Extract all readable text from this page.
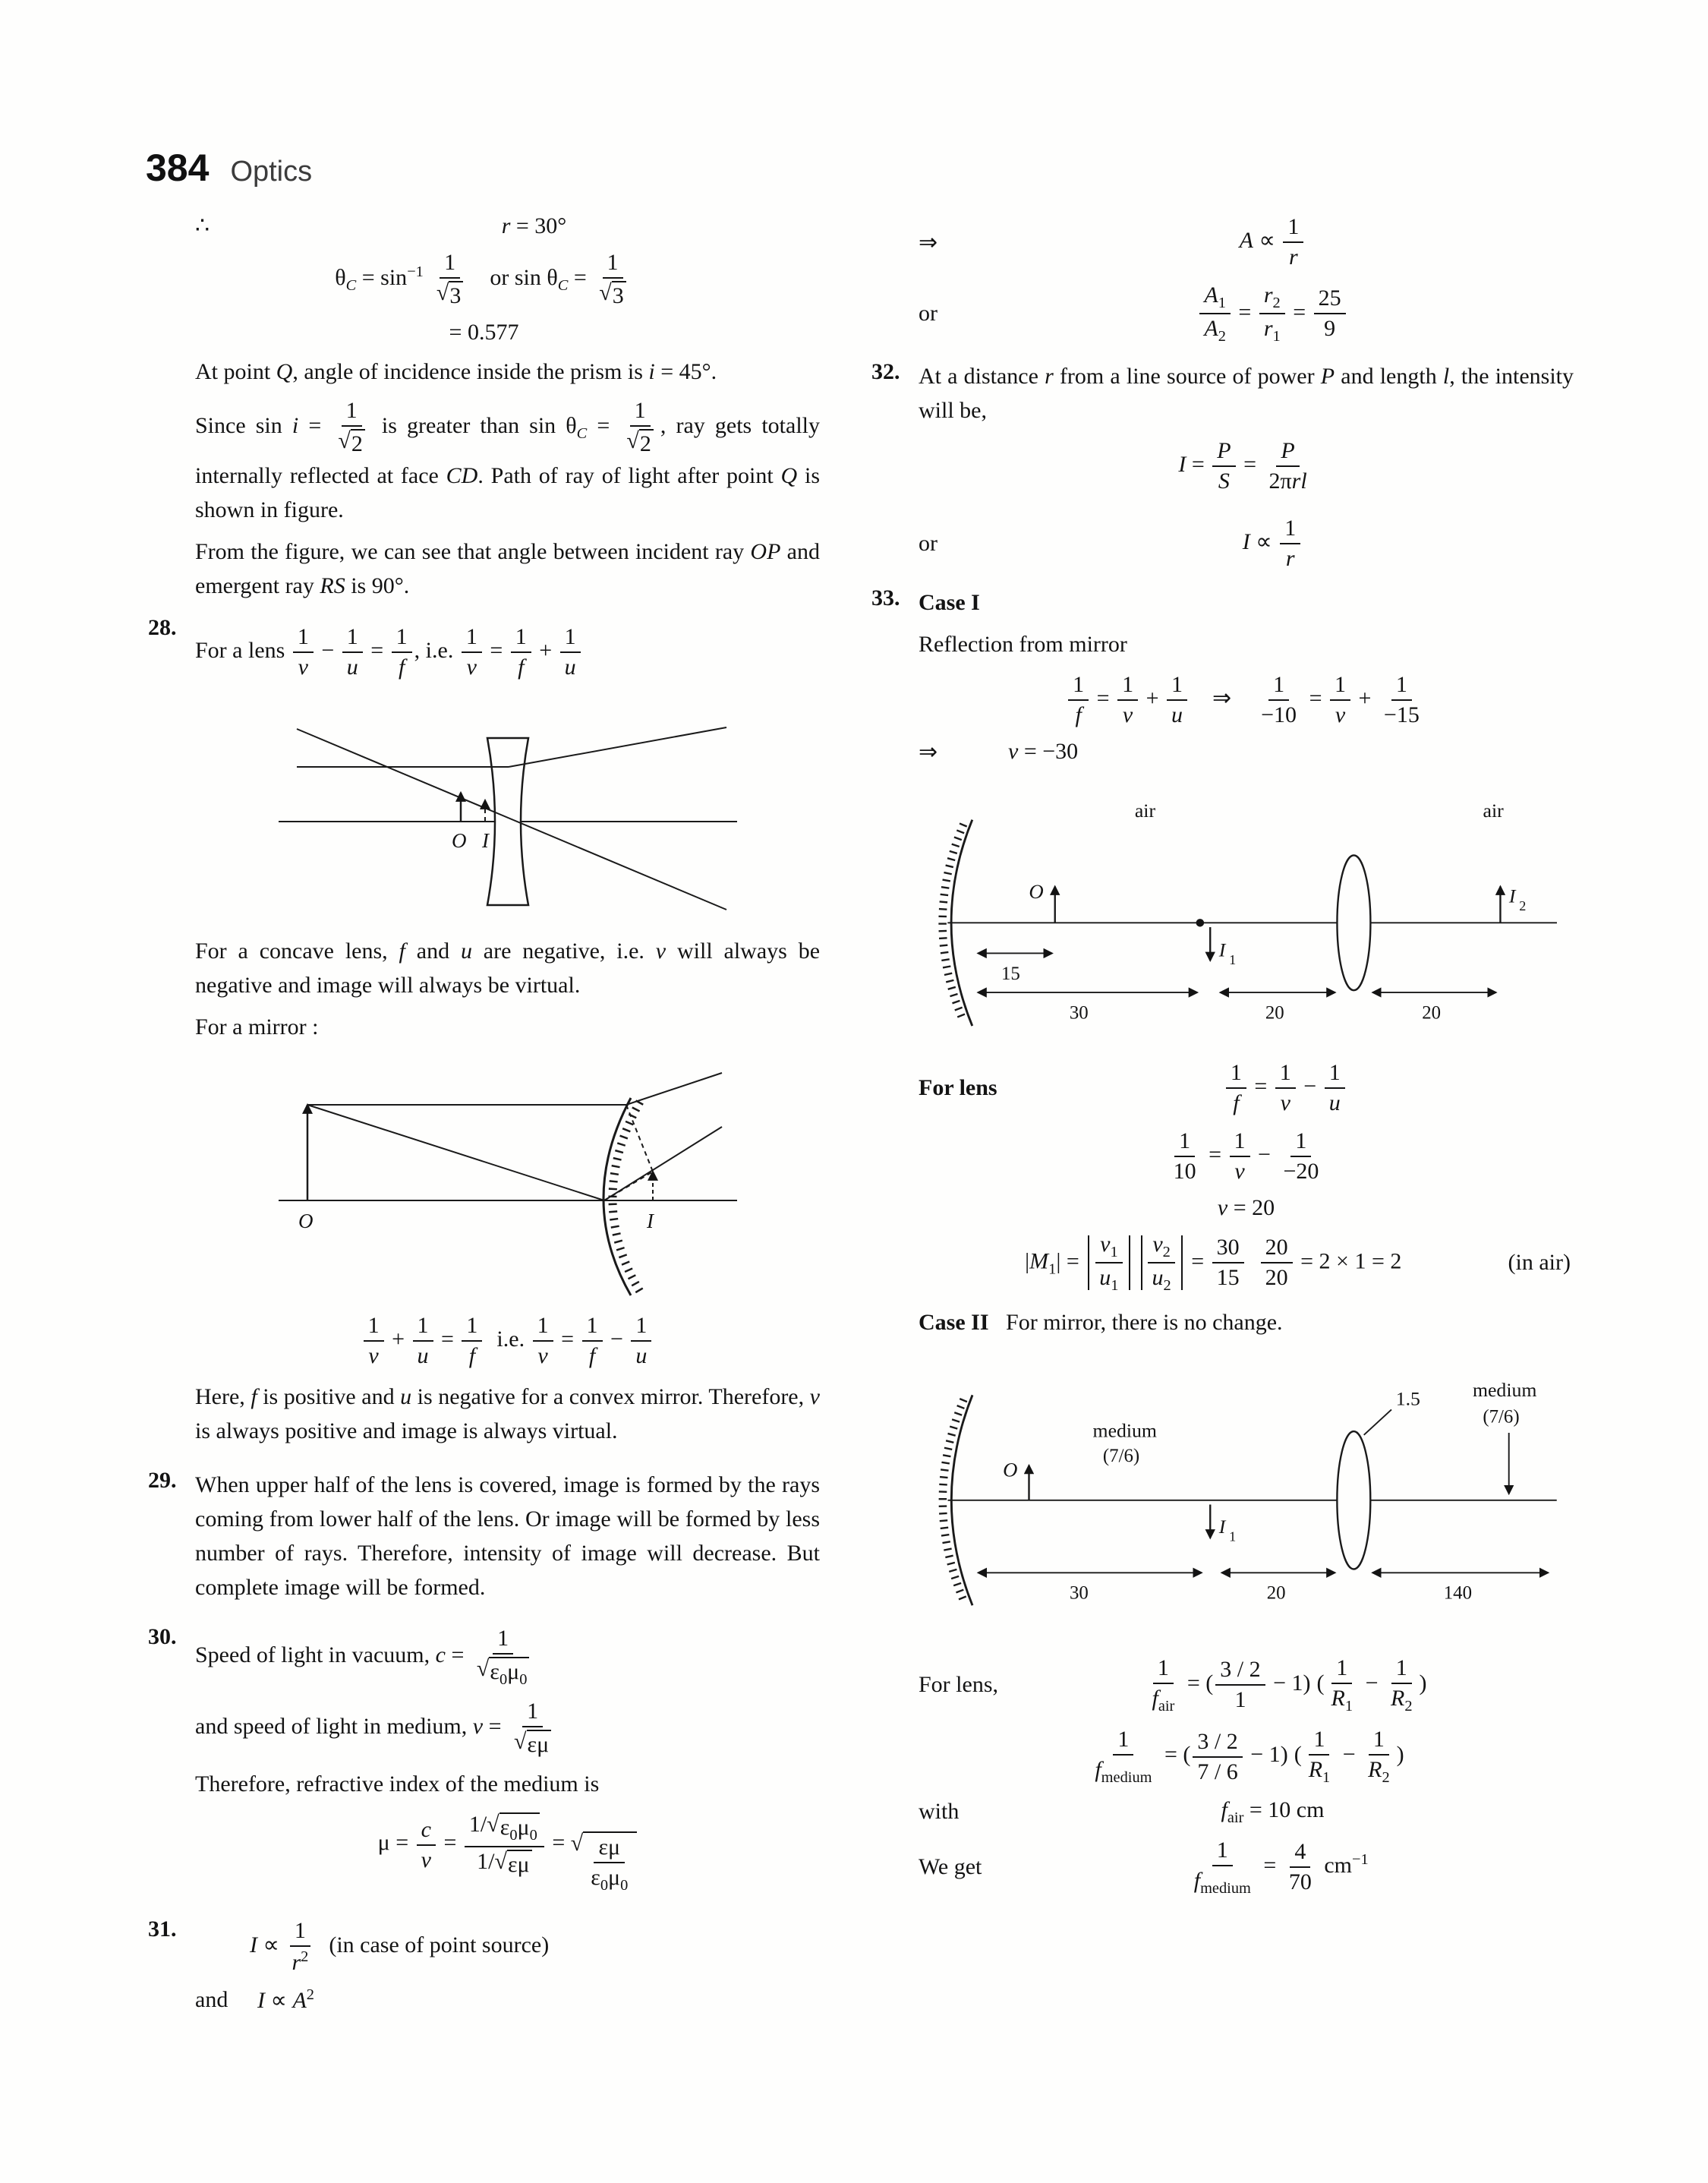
384 Optics
∴	r = 30°
$\theta_C = \sin^{-1} \frac{1}{√ 3}$ or $\sin \theta_C = \frac{1}{√ 3}$
= 0.577
At point Q, angle of incidence inside the prism is i = 45°.
Since $\sin i = \frac{1}{√ 2}$ is greater than $\sin \theta_C = \frac{1}{√ 2}$ , ray gets totally internally reflected at face CD. Path of ray of light after point Q is shown in figure.
From the figure, we can see that angle between incident ray OP and emergent ray RS is 90°.
28.
For a lens $\frac{1}{v} - \frac{1}{u} = \frac{1}{f}$ , i.e. $\frac{1}{v} = \frac{1}{f} + \frac{1}{u}$
O I
For a concave lens, f and u are negative, i.e. v will always be negative and image will always be virtual.
For a mirror :
O	I
$\frac{1}{v} + \frac{1}{u} = \frac{1}{f} i.e$. $\frac{1}{v} = \frac{1}{f} - \frac{1}{u}$
Here, f is positive and u is negative for a convex mirror. Therefore, v is always positive and image is always virtual.
29. When upper half of the lens is covered, image is formed by the rays coming from lower half of the lens. Or image will be formed by less number of rays. Therefore, intensity of image will decrease. But complete image will be formed.
30.
Speed of light in vacuum, $c = \frac{1}{√ \varepsilon_0\mu_0}$
and speed of light in medium, $v = \frac{1}{√ \varepsilon\mu}$
Therefore, refractive index of the medium is
$\mu = \frac{c}{v} = \frac{1/ √ \varepsilon_0\mu_0}{1/ √ \varepsilon\mu}$ = √ $\frac{\varepsilon\mu}{\varepsilon_0\mu_0}$
31.
$I \propto \frac{1}{r^2} (in$ case of point source)
and	$I \propto A^2$
⇒	$A \propto \frac{1}{r}$
or	$\frac{A_1}{A_2} = \frac{r_2}{r_1} = \frac{25}{9}$
32. At a distance r from a line source of power P and length l, the intensity will be,
$I = \frac{P}{S}$ =
P
2πrl
or	$I \propto \frac{1}{r}$
33. Case I
Reflection from mirror
$\frac{1}{f} = \frac{1}{v} + \frac{1}{u}$ ⇒ $\frac{1}{-10} = \frac{1}{v} + \frac{1}{-15}$
⇒	v = −30
air	air
O
I 1
I 2
15
30	20	20
For lens	$\frac{1}{f} = \frac{1}{v} - \frac{1}{u}$
$\frac{1}{10} = \frac{1}{v} - \frac{1}{-20}$
v = 20
$|M_1| = \frac{v_1}{u_1} \frac{v_2}{u_2} = \frac{30}{15} \frac{20}{20} = 2 \times 1 = 2$	(in air)
Case II For mirror, there is no change.
O
medium
(7/6)
1.5	medium
(7/6)
I 1
30	20	140
For lens,
1
$f_{air}$
= ( $\frac{3 / 2}{1} - 1$) ( $\frac{1}{R_1} - \frac{1}{R_2}$ )
1
$f_{medium}$
= ( $\frac{3 / 2}{7 / 6} - 1$) ( $\frac{1}{R_1} - \frac{1}{R_2}$ )
with	$f_{air} = 10$ cm
We get
1
$f_{medium}$
= $\frac{4}{70} cm^{-1}$
